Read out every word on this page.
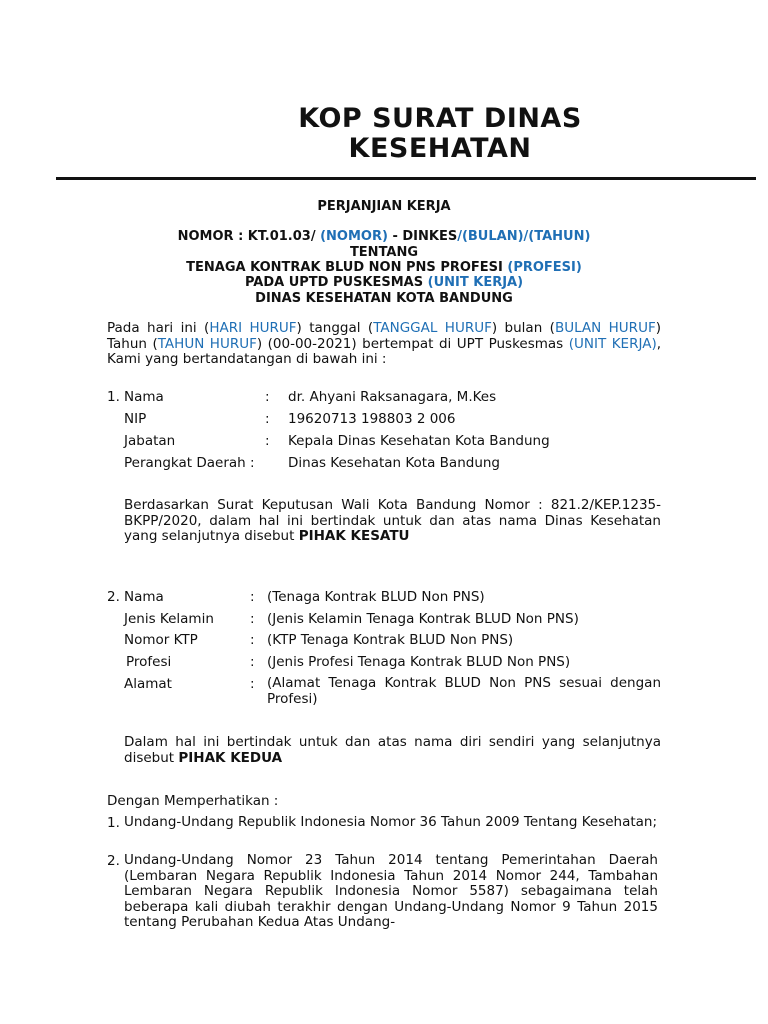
KOP SURAT DINAS
KESEHATAN
PERJANJIAN KERJA
NOMOR : KT.01.03/ (NOMOR) - DINKES/(BULAN)/(TAHUN)
TENTANG
TENAGA KONTRAK BLUD NON PNS PROFESI (PROFESI)
PADA UPTD PUSKESMAS (UNIT KERJA)
DINAS KESEHATAN KOTA BANDUNG
Pada hari ini (HARI HURUF) tanggal (TANGGAL HURUF) bulan (BULAN HURUF) Tahun (TAHUN HURUF) (00-00-2021) bertempat di UPT Puskesmas (UNIT KERJA), Kami yang bertandatangan di bawah ini :
1. Nama	: dr. Ahyani Raksanagara, M.Kes
NIP	: 19620713 198803 2 006
Jabatan	: Kepala Dinas Kesehatan Kota Bandung
Perangkat Daerah : Dinas Kesehatan Kota Bandung
Berdasarkan Surat Keputusan Wali Kota Bandung Nomor : 821.2/KEP.1235-BKPP/2020, dalam hal ini bertindak untuk dan atas nama Dinas Kesehatan yang selanjutnya disebut PIHAK KESATU
2. Nama	: (Tenaga Kontrak BLUD Non PNS)
Jenis Kelamin	: (Jenis Kelamin Tenaga Kontrak BLUD Non PNS)
Nomor KTP	: (KTP Tenaga Kontrak BLUD Non PNS)
Profesi	: (Jenis Profesi Tenaga Kontrak BLUD Non PNS)
Alamat	: (Alamat Tenaga Kontrak BLUD Non PNS sesuai dengan Profesi)
Dalam hal ini bertindak untuk dan atas nama diri sendiri yang selanjutnya disebut PIHAK KEDUA
Dengan Memperhatikan :
1. Undang-Undang Republik Indonesia Nomor 36 Tahun 2009 Tentang Kesehatan;
2. Undang-Undang Nomor 23 Tahun 2014 tentang Pemerintahan Daerah (Lembaran Negara Republik Indonesia Tahun 2014 Nomor 244, Tambahan Lembaran Negara Republik Indonesia Nomor 5587) sebagaimana telah beberapa kali diubah terakhir dengan Undang-Undang Nomor 9 Tahun 2015 tentang Perubahan Kedua Atas Undang-
